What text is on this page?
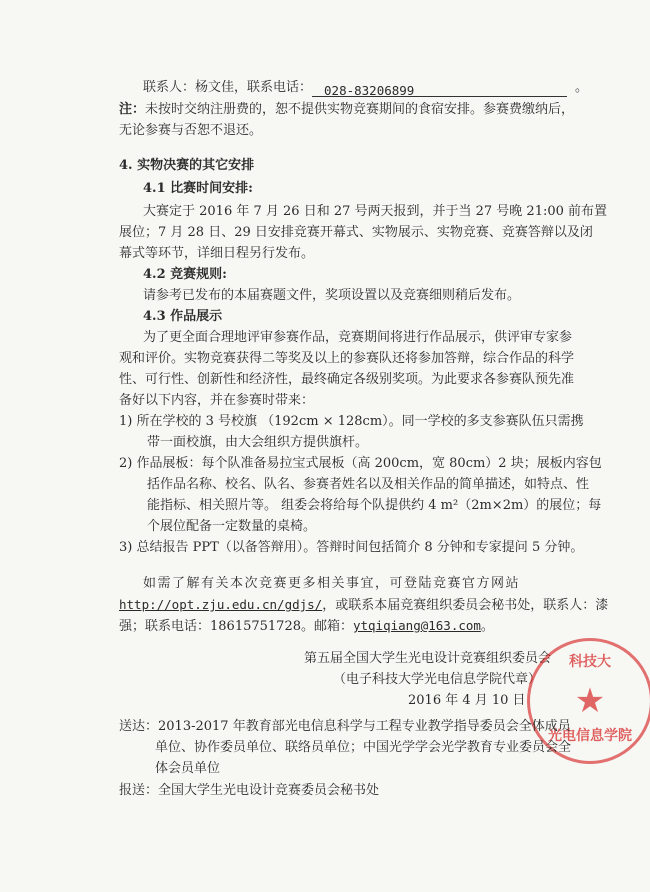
联系人：杨文佳，联系电话： 028-83206899	。
注：未按时交纳注册费的，恕不提供实物竞赛期间的食宿安排。参赛费缴纳后，
无论参赛与否恕不退还。
4. 实物决赛的其它安排
4.1 比赛时间安排:
大赛定于 2016 年 7 月 26 日和 27 号两天报到，并于当 27 号晚 21:00 前布置
展位；7 月 28 日、29 日安排竞赛开幕式、实物展示、实物竞赛、竞赛答辩以及闭
幕式等环节，详细日程另行发布。
4.2 竞赛规则:
请参考已发布的本届赛题文件，奖项设置以及竞赛细则稍后发布。
4.3 作品展示
为了更全面合理地评审参赛作品，竞赛期间将进行作品展示，供评审专家参
观和评价。实物竞赛获得二等奖及以上的参赛队还将参加答辩，综合作品的科学
性、可行性、创新性和经济性，最终确定各级别奖项。为此要求各参赛队预先准
备好以下内容，并在参赛时带来：
1) 所在学校的 3 号校旗 （192cm × 128cm）。同一学校的多支参赛队伍只需携
带一面校旗，由大会组织方提供旗杆。
2) 作品展板：每个队准备易拉宝式展板（高 200cm，宽 80cm）2 块；展板内容包
括作品名称、校名、队名、参赛者姓名以及相关作品的简单描述，如特点、性
能指标、相关照片等。 组委会将给每个队提供约 4 m²（2m×2m）的展位；每
个展位配备一定数量的桌椅。
3) 总结报告 PPT（以备答辩用）。答辩时间包括简介 8 分钟和专家提问 5 分钟。
如需了解有关本次竞赛更多相关事宜，可登陆竞赛官方网站
http://opt.zju.edu.cn/gdjs/，或联系本届竞赛组织委员会秘书处，联系人：漆
强；联系电话：18615751728。邮箱：ytqiqiang@163.com。
第五届全国大学生光电设计竞赛组织委员会
（电子科技大学光电信息学院代章）
2016 年 4 月 10 日
科技大
★
光电信息学院
送达：2013-2017 年教育部光电信息科学与工程专业教学指导委员会全体成员
单位、协作委员单位、联络员单位；中国光学学会光学教育专业委员会全
体会员单位
报送：全国大学生光电设计竞赛委员会秘书处
